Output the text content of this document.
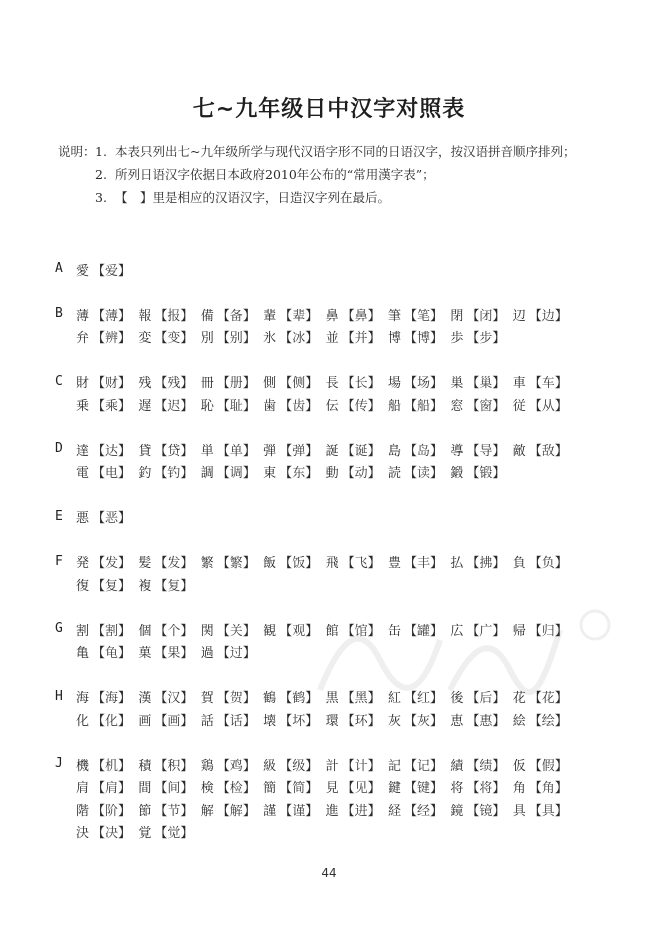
七~九年级日中汉字对照表
说明： 1. 本表只列出七~九年级所学与现代汉语字形不同的日语汉字，按汉语拼音顺序排列；
2. 所列日语汉字依据日本政府2010年公布的“常用漢字表”；
3. 【　】里是相应的汉语汉字，日造汉字列在最后。
A	愛 【 爱 】
B	薄 【 薄 】 報 【 报 】 備 【 备 】 輩 【 辈 】 鼻 【 鼻 】 筆 【 笔 】 閉 【 闭 】 辺 【 边 】
弁 【 辨 】 変 【 变 】 別 【 别 】 氷 【 冰 】 並 【 并 】 博 【 博 】 歩 【 步 】
C	財 【 财 】 残 【 残 】 冊 【 册 】 側 【 侧 】 長 【 长 】 場 【 场 】 巣 【 巢 】 車 【 车 】
乗 【 乘 】 遅 【 迟 】 恥 【 耻 】 歯 【 齿 】 伝 【 传 】 船 【 船 】 窓 【 窗 】 従 【 从 】
D	達 【 达 】 貸 【 贷 】 単 【 单 】 弾 【 弹 】 誕 【 诞 】 島 【 岛 】 導 【 导 】 敵 【 敌 】
電 【 电 】 釣 【 钓 】 調 【 调 】 東 【 东 】 動 【 动 】 読 【 读 】 鍛 【 锻 】
E	悪 【 恶 】
F	発 【 发 】 髪 【 发 】 繁 【 繁 】 飯 【 饭 】 飛 【 飞 】 豊 【 丰 】 払 【 拂 】 負 【 负 】
復 【 复 】 複 【 复 】
G	割 【 割 】 個 【 个 】 関 【 关 】 観 【 观 】 館 【 馆 】 缶 【 罐 】 広 【 广 】 帰 【 归 】
亀 【 龟 】 菓 【 果 】 過 【 过 】
H	海 【 海 】 漢 【 汉 】 賀 【 贺 】 鶴 【 鹤 】 黒 【 黑 】 紅 【 红 】 後 【 后 】 花 【 花 】
化 【 化 】 画 【 画 】 話 【 话 】 壊 【 坏 】 環 【 环 】 灰 【 灰 】 恵 【 惠 】 絵 【 绘 】
J	機 【 机 】 積 【 积 】 鶏 【 鸡 】 級 【 级 】 計 【 计 】 記 【 记 】 績 【 绩 】 仮 【 假 】
肩 【 肩 】 間 【 间 】 検 【 检 】 簡 【 简 】 見 【 见 】 鍵 【 键 】 将 【 将 】 角 【 角 】
階 【 阶 】 節 【 节 】 解 【 解 】 謹 【 谨 】 進 【 进 】 経 【 经 】 鏡 【 镜 】 具 【 具 】
決 【 决 】 覚 【 觉 】
44
